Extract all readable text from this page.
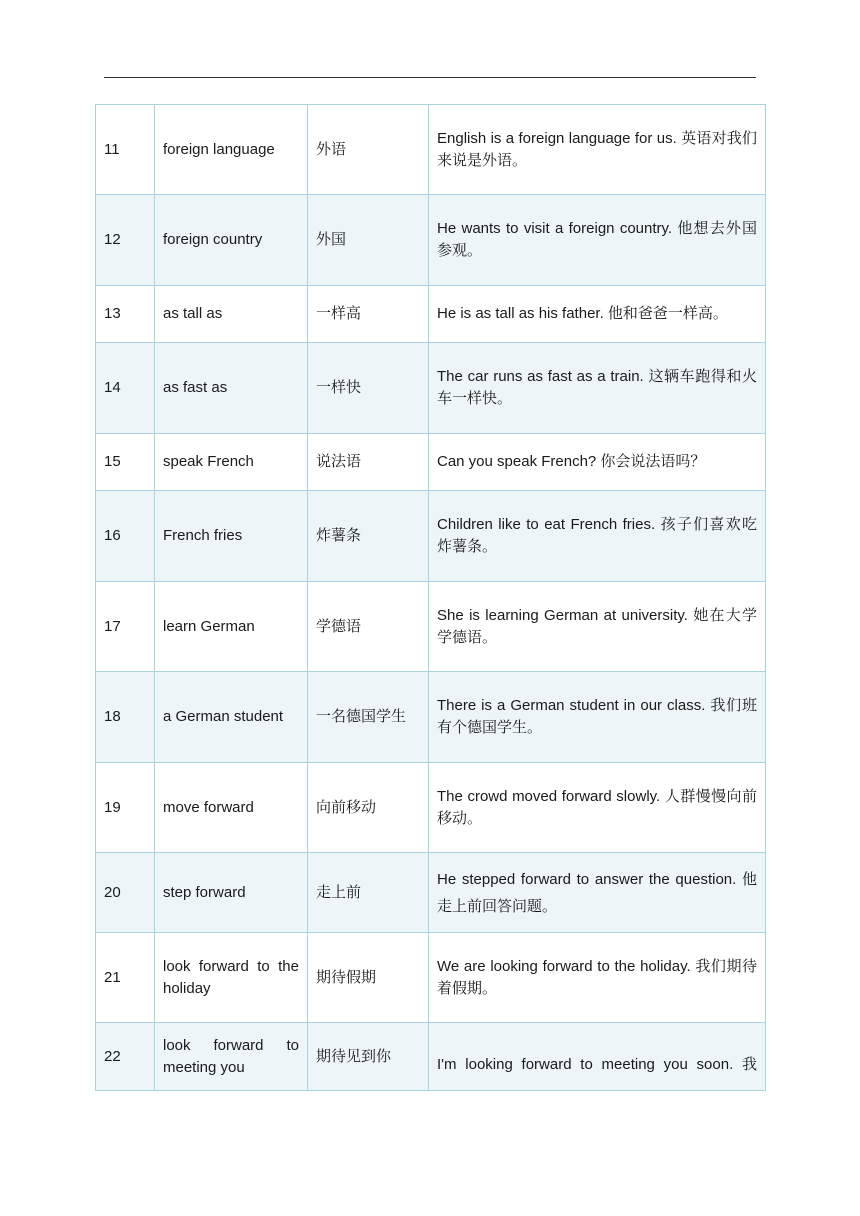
11	foreign language	外语	English is a foreign language for us. 英语对我们来说是外语。
12	foreign country	外国	He wants to visit a foreign country. 他想去外国参观。
13	as tall as	一样高	He is as tall as his father. 他和爸爸一样高。
14	as fast as	一样快	The car runs as fast as a train. 这辆车跑得和火车一样快。
15	speak French	说法语	Can you speak French? 你会说法语吗？
16	French fries	炸薯条	Children like to eat French fries. 孩子们喜欢吃炸薯条。
17	learn German	学德语	She is learning German at university. 她在大学学德语。
18	a German student	一名德国学生	There is a German student in our class. 我们班有个德国学生。
19	move forward	向前移动	The crowd moved forward slowly. 人群慢慢向前移动。
20	step forward	走上前	He stepped forward to answer the question. 他走上前回答问题。
21	look forward to the holiday	期待假期	We are looking forward to the holiday. 我们期待着假期。
22	look forward to meeting you	期待见到你	I'm looking forward to meeting you soon. 我
